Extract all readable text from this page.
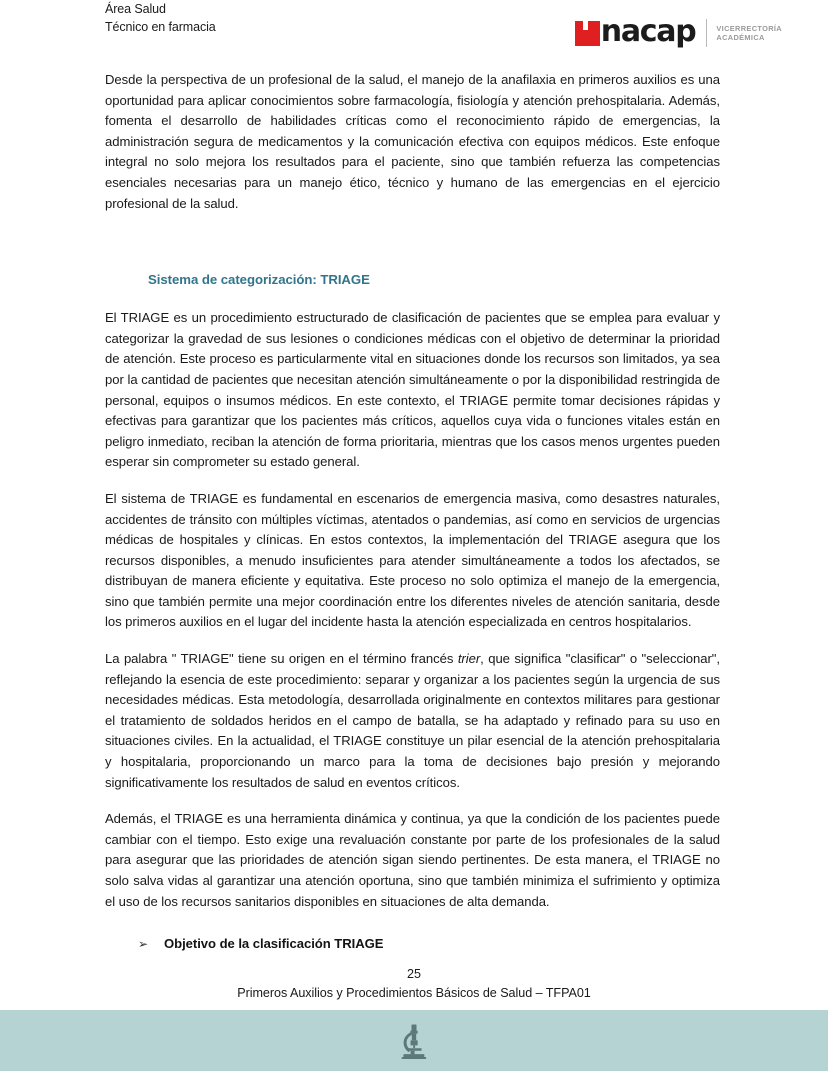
Área Salud
Técnico en farmacia	nacap	VICERRECTORÍA
ACADÉMICA

Desde la perspectiva de un profesional de la salud, el manejo de la anafilaxia en primeros auxilios es una oportunidad para aplicar conocimientos sobre farmacología, fisiología y atención prehospitalaria. Además, fomenta el desarrollo de habilidades críticas como el reconocimiento rápido de emergencias, la administración segura de medicamentos y la comunicación efectiva con equipos médicos. Este enfoque integral no solo mejora los resultados para el paciente, sino que también refuerza las competencias esenciales necesarias para un manejo ético, técnico y humano de las emergencias en el ejercicio profesional de la salud.

Sistema de categorización: TRIAGE

El TRIAGE es un procedimiento estructurado de clasificación de pacientes que se emplea para evaluar y categorizar la gravedad de sus lesiones o condiciones médicas con el objetivo de determinar la prioridad de atención. Este proceso es particularmente vital en situaciones donde los recursos son limitados, ya sea por la cantidad de pacientes que necesitan atención simultáneamente o por la disponibilidad restringida de personal, equipos o insumos médicos. En este contexto, el TRIAGE permite tomar decisiones rápidas y efectivas para garantizar que los pacientes más críticos, aquellos cuya vida o funciones vitales están en peligro inmediato, reciban la atención de forma prioritaria, mientras que los casos menos urgentes pueden esperar sin comprometer su estado general.

El sistema de TRIAGE es fundamental en escenarios de emergencia masiva, como desastres naturales, accidentes de tránsito con múltiples víctimas, atentados o pandemias, así como en servicios de urgencias médicas de hospitales y clínicas. En estos contextos, la implementación del TRIAGE asegura que los recursos disponibles, a menudo insuficientes para atender simultáneamente a todos los afectados, se distribuyan de manera eficiente y equitativa. Este proceso no solo optimiza el manejo de la emergencia, sino que también permite una mejor coordinación entre los diferentes niveles de atención sanitaria, desde los primeros auxilios en el lugar del incidente hasta la atención especializada en centros hospitalarios.

La palabra " TRIAGE" tiene su origen en el término francés trier, que significa "clasificar" o "seleccionar", reflejando la esencia de este procedimiento: separar y organizar a los pacientes según la urgencia de sus necesidades médicas. Esta metodología, desarrollada originalmente en contextos militares para gestionar el tratamiento de soldados heridos en el campo de batalla, se ha adaptado y refinado para su uso en situaciones civiles. En la actualidad, el TRIAGE constituye un pilar esencial de la atención prehospitalaria y hospitalaria, proporcionando un marco para la toma de decisiones bajo presión y mejorando significativamente los resultados de salud en eventos críticos.

Además, el TRIAGE es una herramienta dinámica y continua, ya que la condición de los pacientes puede cambiar con el tiempo. Esto exige una revaluación constante por parte de los profesionales de la salud para asegurar que las prioridades de atención sigan siendo pertinentes. De esta manera, el TRIAGE no solo salva vidas al garantizar una atención oportuna, sino que también minimiza el sufrimiento y optimiza el uso de los recursos sanitarios disponibles en situaciones de alta demanda.

➢	Objetivo de la clasificación TRIAGE
25
Primeros Auxilios y Procedimientos Básicos de Salud – TFPA01
